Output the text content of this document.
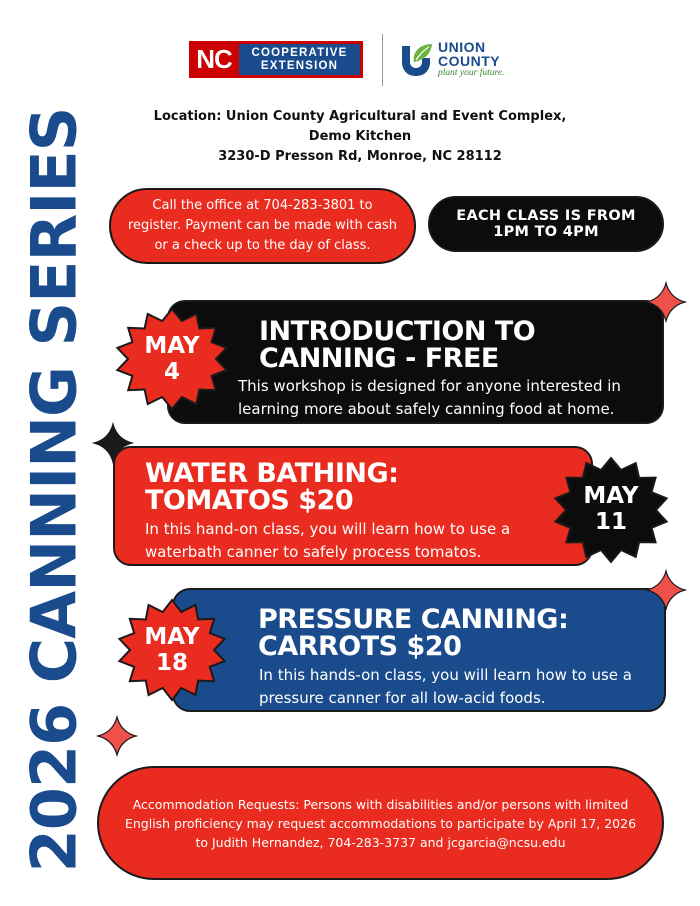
2026 CANNING SERIES
NC	COOPERATIVE
EXTENSION
UNION
COUNTY
plant your future.
Location: Union County Agricultural and Event Complex,
Demo Kitchen
3230-D Presson Rd, Monroe, NC 28112
Call the office at 704-283-3801 to
register. Payment can be made with cash
or a check up to the day of class.
EACH CLASS IS FROM
1PM TO 4PM
INTRODUCTION TO
CANNING - FREE
This workshop is designed for anyone interested in
learning more about safely canning food at home.
WATER BATHING:
TOMATOS $20
In this hand-on class, you will learn how to use a
waterbath canner to safely process tomatos.
PRESSURE CANNING:
CARROTS $20
In this hands-on class, you will learn how to use a
pressure canner for all low-acid foods.
MAY
4
MAY
11
MAY
18
Accommodation Requests: Persons with disabilities and/or persons with limited
English proficiency may request accommodations to participate by April 17, 2026
to Judith Hernandez, 704-283-3737 and jcgarcia@ncsu.edu
